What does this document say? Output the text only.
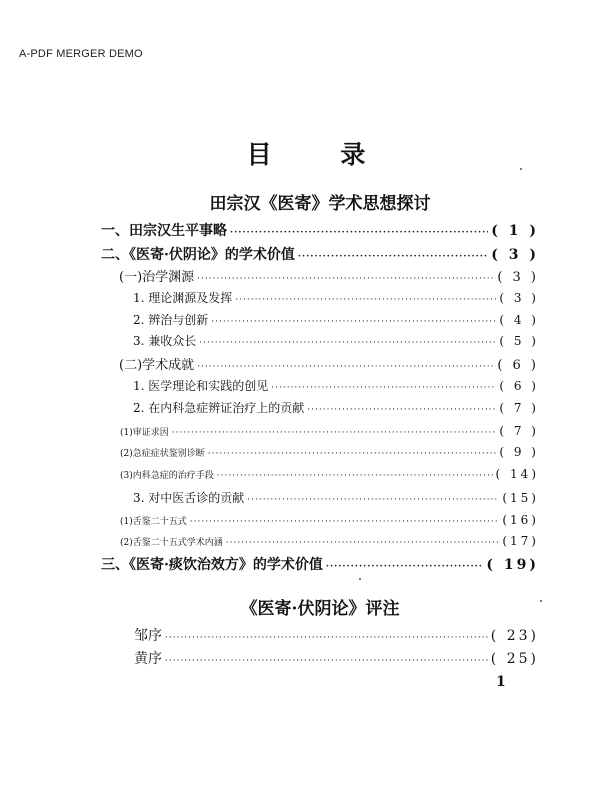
A-PDF MERGER DEMO
目 录
田宗汉《医寄》学术思想探讨
一、田宗汉生平事略 ·····	( 1 )
二、《医寄·伏阴论》的学术价值 ·····	( 3 )
(一)治学渊源 ·····	( 3 )
1. 理论渊源及发挥 ·····	( 3 )
2. 辨治与创新 ·····	( 4 )
3. 兼收众长 ·····	( 5 )
(二)学术成就 ·····	( 6 )
1. 医学理论和实践的创见 ·····	( 6 )
2. 在内科急症辨证治疗上的贡献 ·····	( 7 )
(1)审证求因 ·····	( 7 )
(2)急症症状鉴别诊断 ·····	( 9 )
(3)内科急症的治疗手段 ·····	( 14)
3. 对中医舌诊的贡献 ·····	(15)
(1)舌鉴二十五式 ·····	(16)
(2)舌鉴二十五式学术内涵 ·····	(17)
三、《医寄·痰饮治效方》的学术价值 ·····	( 19)
《医寄·伏阴论》评注
邹序 ·····	( 23)
黄序 ·····	( 25)
1
